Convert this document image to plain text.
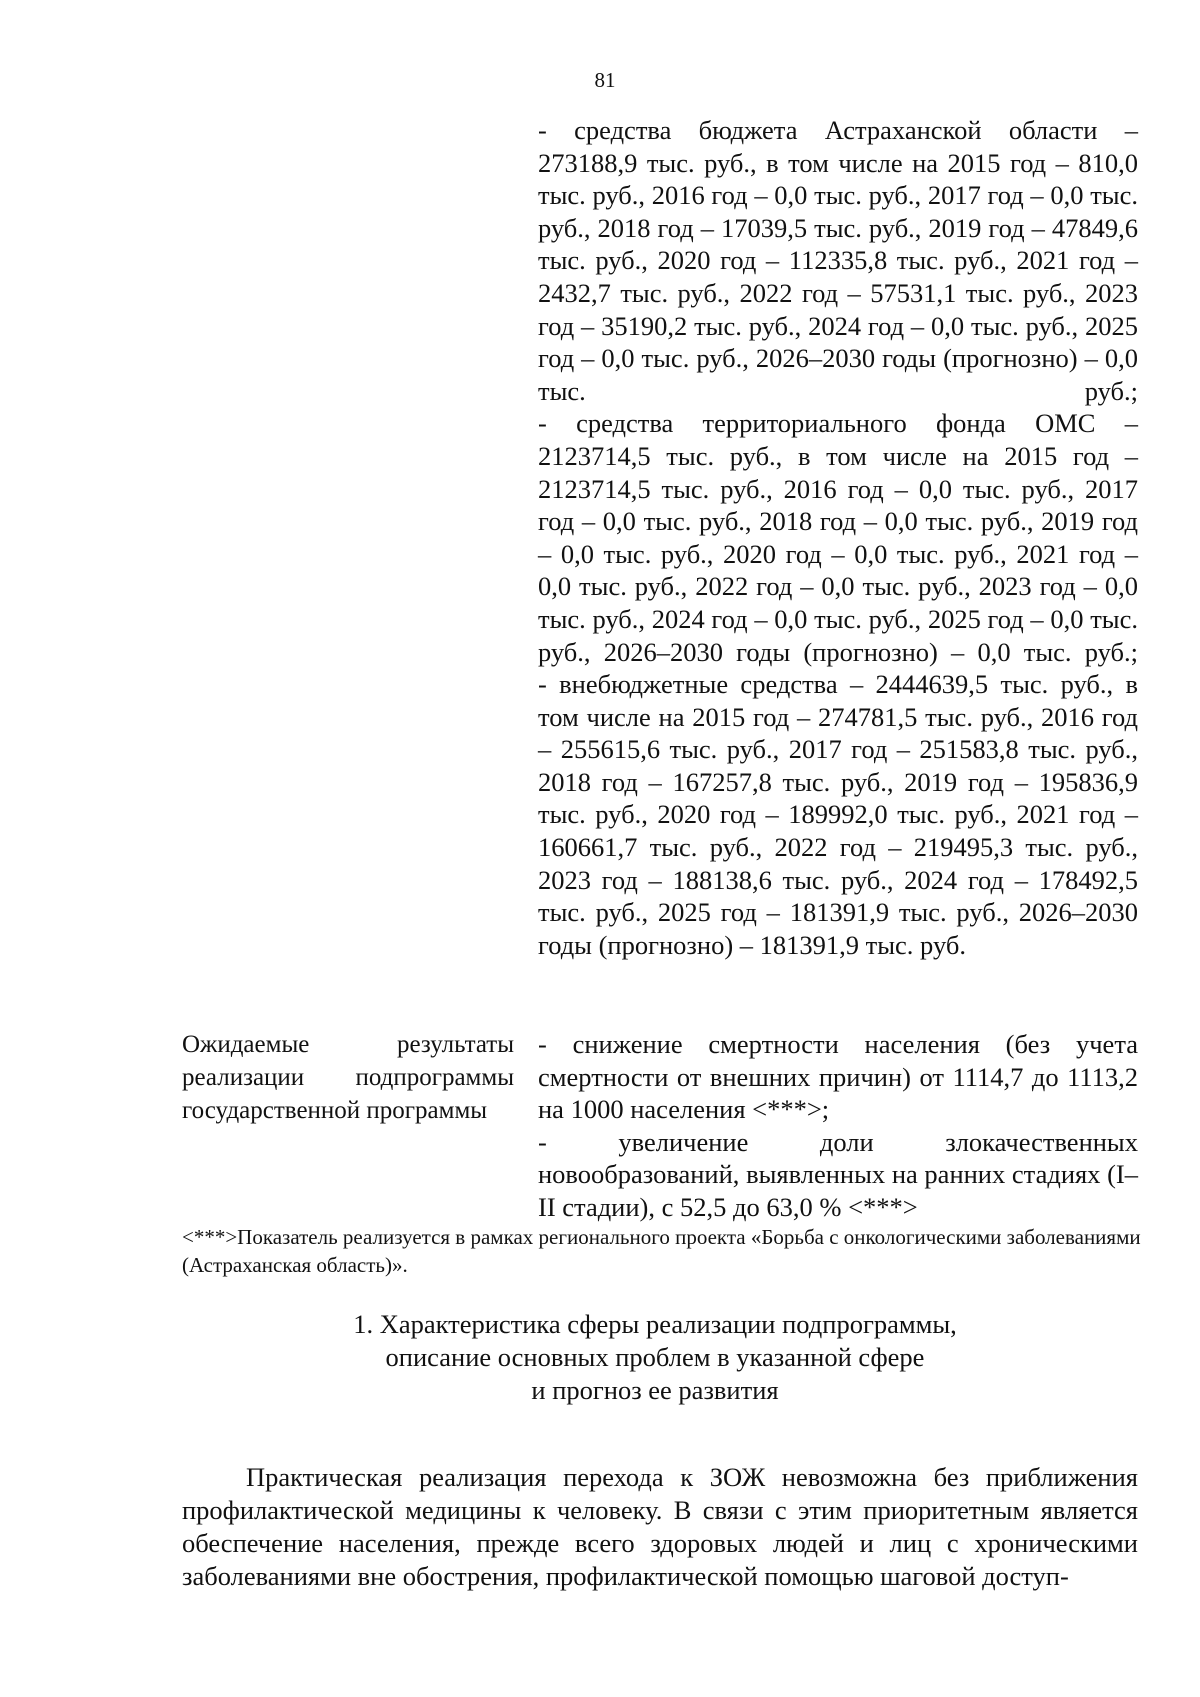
81

- средства бюджета Астраханской области – 273188,9 тыс. руб., в том числе на 2015 год – 810,0 тыс. руб., 2016 год – 0,0 тыс. руб., 2017 год – 0,0 тыс. руб., 2018 год – 17039,5 тыс. руб., 2019 год – 47849,6 тыс. руб., 2020 год – 112335,8 тыс. руб., 2021 год – 2432,7 тыс. руб., 2022 год – 57531,1 тыс. руб., 2023 год – 35190,2 тыс. руб., 2024 год – 0,0 тыс. руб., 2025 год – 0,0 тыс. руб., 2026–2030 годы (прогнозно) – 0,0 тыс. руб.;

- средства территориального фонда ОМС – 2123714,5 тыс. руб., в том числе на 2015 год – 2123714,5 тыс. руб., 2016 год – 0,0 тыс. руб., 2017 год – 0,0 тыс. руб., 2018 год – 0,0 тыс. руб., 2019 год – 0,0 тыс. руб., 2020 год – 0,0 тыс. руб., 2021 год – 0,0 тыс. руб., 2022 год – 0,0 тыс. руб., 2023 год – 0,0 тыс. руб., 2024 год – 0,0 тыс. руб., 2025 год – 0,0 тыс. руб., 2026–2030 годы (прогнозно) – 0,0 тыс. руб.;

- внебюджетные средства – 2444639,5 тыс. руб., в том числе на 2015 год – 274781,5 тыс. руб., 2016 год – 255615,6 тыс. руб., 2017 год – 251583,8 тыс. руб., 2018 год – 167257,8 тыс. руб., 2019 год – 195836,9 тыс. руб., 2020 год – 189992,0 тыс. руб., 2021 год – 160661,7 тыс. руб., 2022 год – 219495,3 тыс. руб., 2023 год – 188138,6 тыс. руб., 2024 год – 178492,5 тыс. руб., 2025 год – 181391,9 тыс. руб., 2026–2030 годы (прогнозно) – 181391,9 тыс. руб.

Ожидаемые результаты реализации подпрограммы государственной программы

- снижение смертности населения (без учета смертности от внешних причин) от 1114,7 до 1113,2 на 1000 населения <***>;

- увеличение доли злокачественных новообразований, выявленных на ранних стадиях (I–II стадии), с 52,5 до 63,0 % <***>

<***>Показатель реализуется в рамках регионального проекта «Борьба с онкологическими заболеваниями (Астраханская область)».
1. Характеристика сферы реализации подпрограммы,
описание основных проблем в указанной сфере
и прогноз ее развития

Практическая реализация перехода к ЗОЖ невозможна без приближения профилактической медицины к человеку. В связи с этим приоритетным является обеспечение населения, прежде всего здоровых людей и лиц с хроническими заболеваниями вне обострения, профилактической помощью шаговой доступ-
